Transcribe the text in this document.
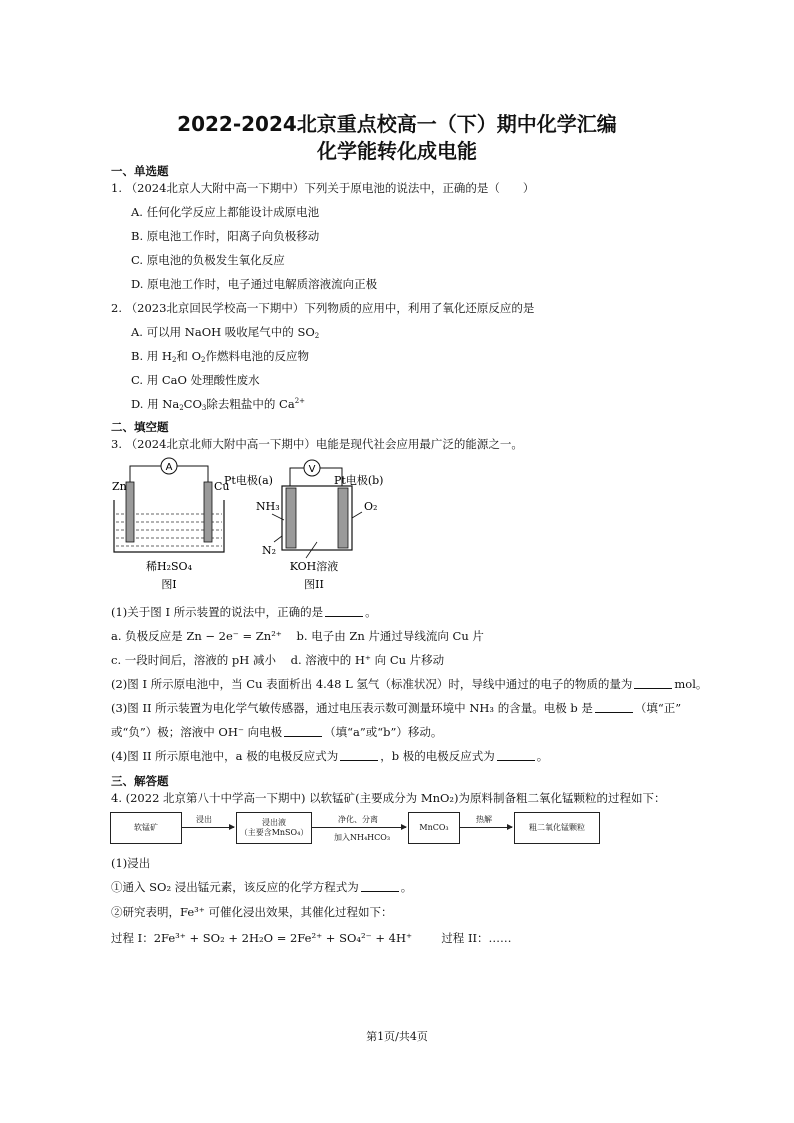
2022-2024北京重点校高一（下）期中化学汇编
化学能转化成电能
一、单选题
1. （2024北京人大附中高一下期中）下列关于原电池的说法中，正确的是（　　）
A. 任何化学反应上都能设计成原电池
B. 原电池工作时，阳离子向负极移动
C. 原电池的负极发生氧化反应
D. 原电池工作时，电子通过电解质溶液流向正极
2. （2023北京回民学校高一下期中）下列物质的应用中，利用了氧化还原反应的是
A. 可以用 NaOH 吸收尾气中的 $SO_2$
B. 用 $H_2$和 $O_2$作燃料电池的反应物
C. 用 CaO 处理酸性废水
D. 用 $Na_2CO_3$除去粗盐中的 $Ca^{2+}$
二、填空题
3. （2024北京北师大附中高一下期中）电能是现代社会应用最广泛的能源之一。
A
Zn	Cu
稀H₂SO₄
图I
V
Pt电极(a)	Pt电极(b)
NH₃
N₂
O₂
KOH溶液
图II
(1)关于图 I 所示装置的说法中，正确的是	。
a. 负极反应是 Zn − 2e⁻ = Zn²⁺ b. 电子由 Zn 片通过导线流向 Cu 片
c. 一段时间后，溶液的 pH 减小 d. 溶液中的 H⁺ 向 Cu 片移动
(2)图 I 所示原电池中，当 Cu 表面析出 4.48 L 氢气（标准状况）时，导线中通过的电子的物质的量为	mol。
(3)图 II 所示装置为电化学气敏传感器，通过电压表示数可测量环境中 NH₃ 的含量。电极 b 是	（填“正”
或“负”）极；溶液中 OH⁻ 向电极	（填“a”或“b”）移动。
(4)图 II 所示原电池中，a 极的电极反应式为	，b 极的电极反应式为	。
三、解答题
4. (2022 北京第八十中学高一下期中) 以软锰矿(主要成分为 MnO₂)为原料制备粗二氧化锰颗粒的过程如下：
软锰矿
浸出	浸出液
（主要含MnSO₄）
净化、分离
加入NH₄HCO₃
MnCO₃
热解
粗二氧化锰颗粒
(1)浸出
①通入 SO₂ 浸出锰元素，该反应的化学方程式为	。
②研究表明，Fe³⁺ 可催化浸出效果，其催化过程如下：
过程 I：2Fe³⁺ + SO₂ + 2H₂O = 2Fe²⁺ + SO₄²⁻ + 4H⁺	过程 II：……
第1页/共4页
